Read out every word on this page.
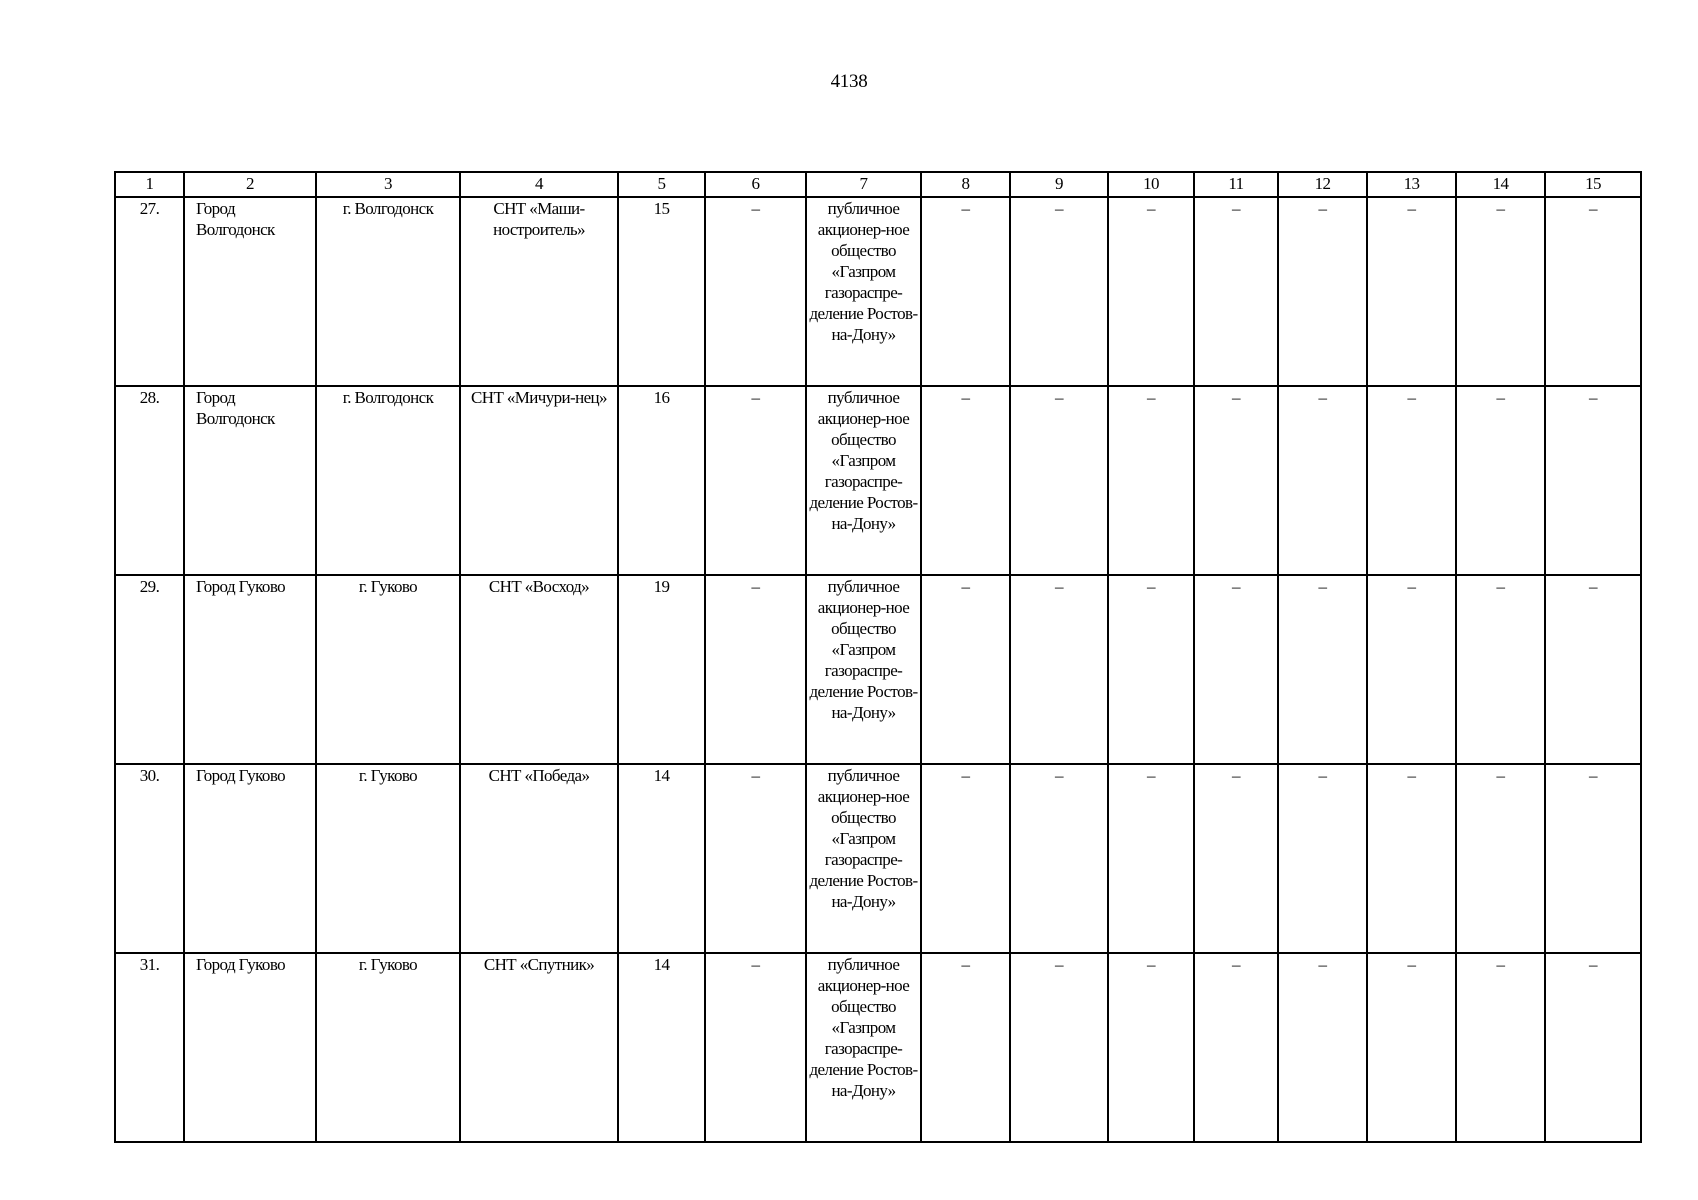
4138
1	2	3	4	5	6	7	8	9	10	11	12	13	14	15
27.	Город Волгодонск	г. Волгодонск	СНТ «Маши-ностроитель»	15	–	публичное акционер-ное общество «Газпром газораспре-деление Ростов-на-Дону»	–	–	–	–	–	–	–	–
28.	Город Волгодонск	г. Волгодонск	СНТ «Мичури-нец»	16	–	публичное акционер-ное общество «Газпром газораспре-деление Ростов-на-Дону»	–	–	–	–	–	–	–	–
29.	Город Гуково	г. Гуково	СНТ «Восход»	19	–	публичное акционер-ное общество «Газпром газораспре-деление Ростов-на-Дону»	–	–	–	–	–	–	–	–
30.	Город Гуково	г. Гуково	СНТ «Победа»	14	–	публичное акционер-ное общество «Газпром газораспре-деление Ростов-на-Дону»	–	–	–	–	–	–	–	–
31.	Город Гуково	г. Гуково	СНТ «Спутник»	14	–	публичное акционер-ное общество «Газпром газораспре-деление Ростов-на-Дону»	–	–	–	–	–	–	–	–
